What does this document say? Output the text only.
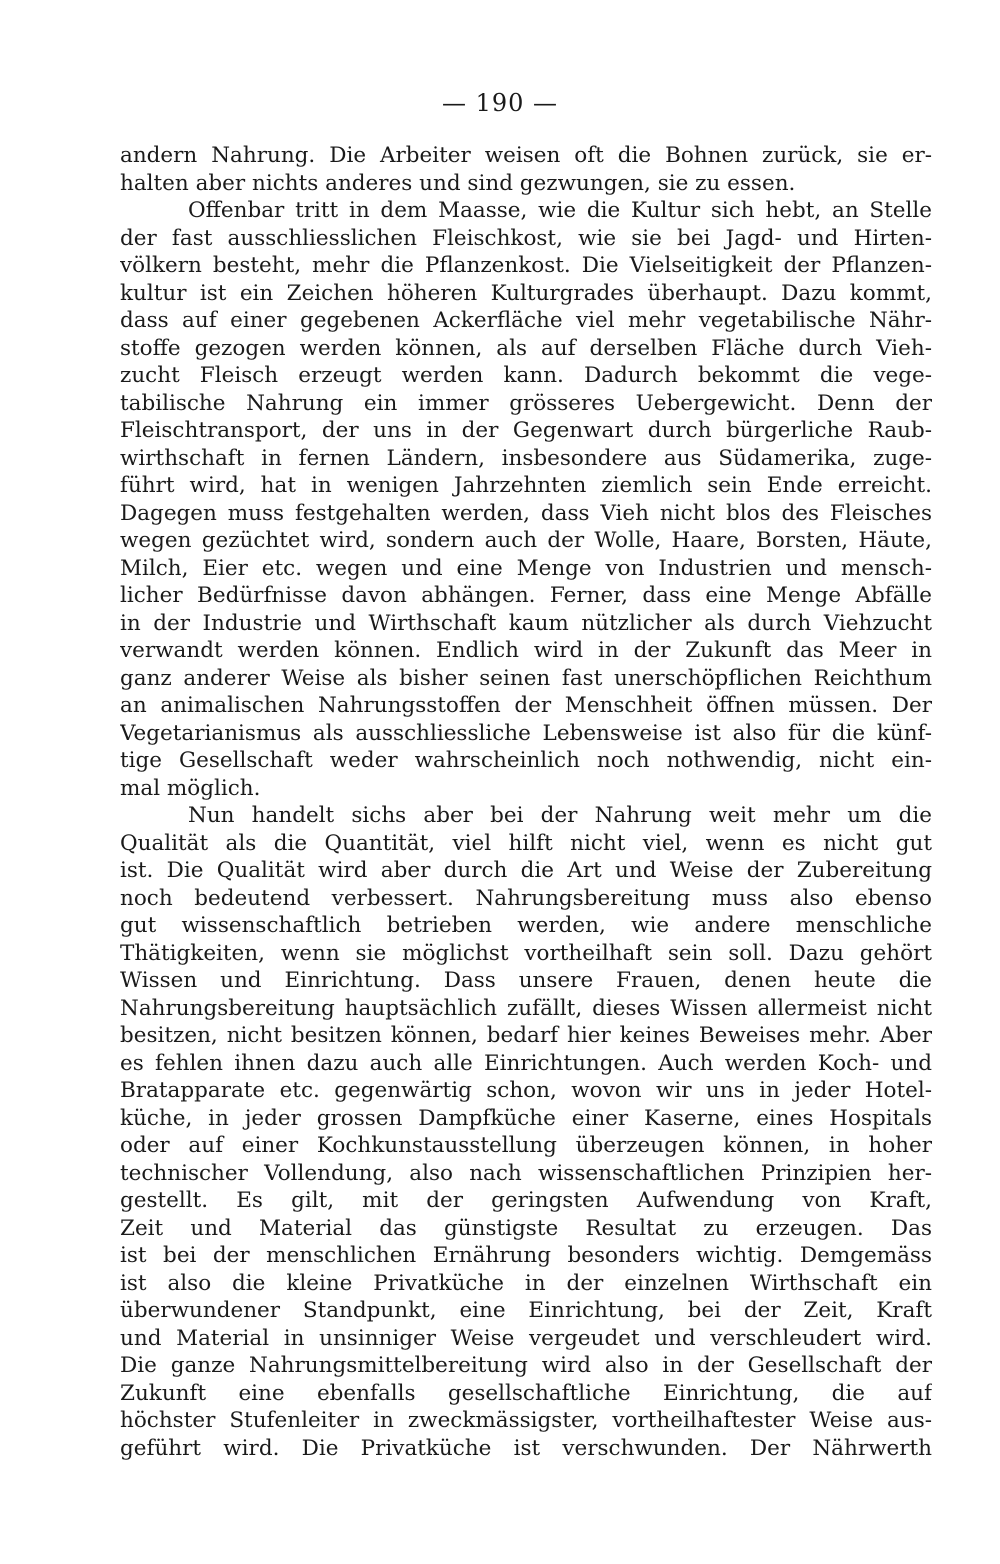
— 190 —
andern Nahrung. Die Arbeiter weisen oft die Bohnen zurück, sie er-
halten aber nichts anderes und sind gezwungen, sie zu essen.
Offenbar tritt in dem Maasse, wie die Kultur sich hebt, an Stelle
der fast ausschliesslichen Fleischkost, wie sie bei Jagd- und Hirten-
völkern besteht, mehr die Pflanzenkost. Die Vielseitigkeit der Pflanzen-
kultur ist ein Zeichen höheren Kulturgrades überhaupt. Dazu kommt,
dass auf einer gegebenen Ackerfläche viel mehr vegetabilische Nähr-
stoffe gezogen werden können, als auf derselben Fläche durch Vieh-
zucht Fleisch erzeugt werden kann. Dadurch bekommt die vege-
tabilische Nahrung ein immer grösseres Uebergewicht. Denn der
Fleischtransport, der uns in der Gegenwart durch bürgerliche Raub-
wirthschaft in fernen Ländern, insbesondere aus Südamerika, zuge-
führt wird, hat in wenigen Jahrzehnten ziemlich sein Ende erreicht.
Dagegen muss festgehalten werden, dass Vieh nicht blos des Fleisches
wegen gezüchtet wird, sondern auch der Wolle, Haare, Borsten, Häute,
Milch, Eier etc. wegen und eine Menge von Industrien und mensch-
licher Bedürfnisse davon abhängen. Ferner, dass eine Menge Abfälle
in der Industrie und Wirthschaft kaum nützlicher als durch Viehzucht
verwandt werden können. Endlich wird in der Zukunft das Meer in
ganz anderer Weise als bisher seinen fast unerschöpflichen Reichthum
an animalischen Nahrungsstoffen der Menschheit öffnen müssen. Der
Vegetarianismus als ausschliessliche Lebensweise ist also für die künf-
tige Gesellschaft weder wahrscheinlich noch nothwendig, nicht ein-
mal möglich.
Nun handelt sichs aber bei der Nahrung weit mehr um die
Qualität als die Quantität, viel hilft nicht viel, wenn es nicht gut
ist. Die Qualität wird aber durch die Art und Weise der Zubereitung
noch bedeutend verbessert. Nahrungsbereitung muss also ebenso
gut wissenschaftlich betrieben werden, wie andere menschliche
Thätigkeiten, wenn sie möglichst vortheilhaft sein soll. Dazu gehört
Wissen und Einrichtung. Dass unsere Frauen, denen heute die
Nahrungsbereitung hauptsächlich zufällt, dieses Wissen allermeist nicht
besitzen, nicht besitzen können, bedarf hier keines Beweises mehr. Aber
es fehlen ihnen dazu auch alle Einrichtungen. Auch werden Koch- und
Bratapparate etc. gegenwärtig schon, wovon wir uns in jeder Hotel-
küche, in jeder grossen Dampfküche einer Kaserne, eines Hospitals
oder auf einer Kochkunstausstellung überzeugen können, in hoher
technischer Vollendung, also nach wissenschaftlichen Prinzipien her-
gestellt. Es gilt, mit der geringsten Aufwendung von Kraft,
Zeit und Material das günstigste Resultat zu erzeugen. Das
ist bei der menschlichen Ernährung besonders wichtig. Demgemäss
ist also die kleine Privatküche in der einzelnen Wirthschaft ein
überwundener Standpunkt, eine Einrichtung, bei der Zeit, Kraft
und Material in unsinniger Weise vergeudet und verschleudert wird.
Die ganze Nahrungsmittelbereitung wird also in der Gesellschaft der
Zukunft eine ebenfalls gesellschaftliche Einrichtung, die auf
höchster Stufenleiter in zweckmässigster, vortheilhaftester Weise aus-
geführt wird. Die Privatküche ist verschwunden. Der Nährwerth
